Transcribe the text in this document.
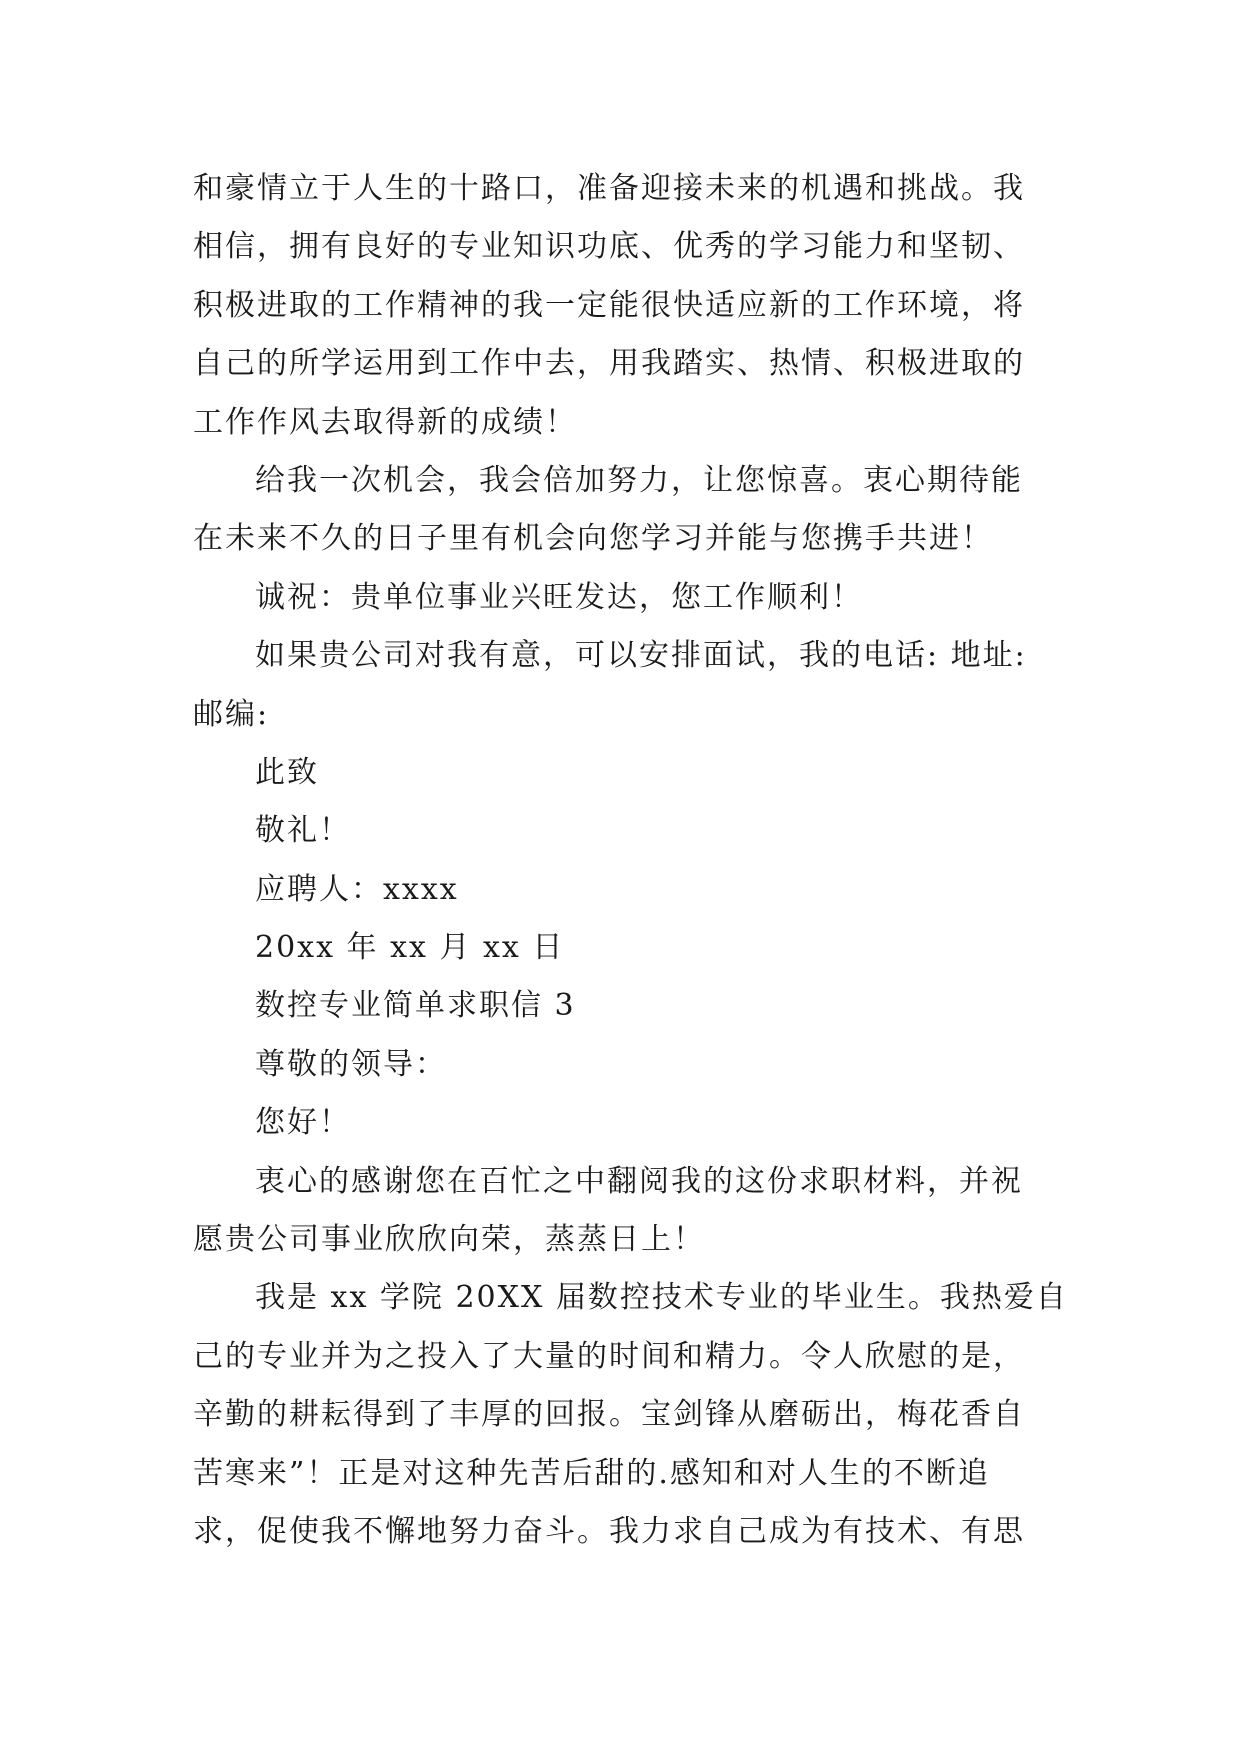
和豪情立于人生的十路口，准备迎接未来的机遇和挑战。我
相信，拥有良好的专业知识功底、优秀的学习能力和坚韧、
积极进取的工作精神的我一定能很快适应新的工作环境，将
自己的所学运用到工作中去，用我踏实、热情、积极进取的
工作作风去取得新的成绩！
给我一次机会，我会倍加努力，让您惊喜。衷心期待能
在未来不久的日子里有机会向您学习并能与您携手共进！
诚祝：贵单位事业兴旺发达，您工作顺利！
如果贵公司对我有意，可以安排面试，我的电话: 地址:
邮编:
此致
敬礼！
应聘人：xxxx
20xx 年 xx 月 xx 日
数控专业简单求职信 3
尊敬的领导：
您好！
衷心的感谢您在百忙之中翻阅我的这份求职材料，并祝
愿贵公司事业欣欣向荣，蒸蒸日上！
我是 xx 学院 20XX 届数控技术专业的毕业生。我热爱自
己的专业并为之投入了大量的时间和精力。令人欣慰的是，
辛勤的耕耘得到了丰厚的回报。宝剑锋从磨砺出，梅花香自
苦寒来”！正是对这种先苦后甜的.感知和对人生的不断追
求，促使我不懈地努力奋斗。我力求自己成为有技术、有思
